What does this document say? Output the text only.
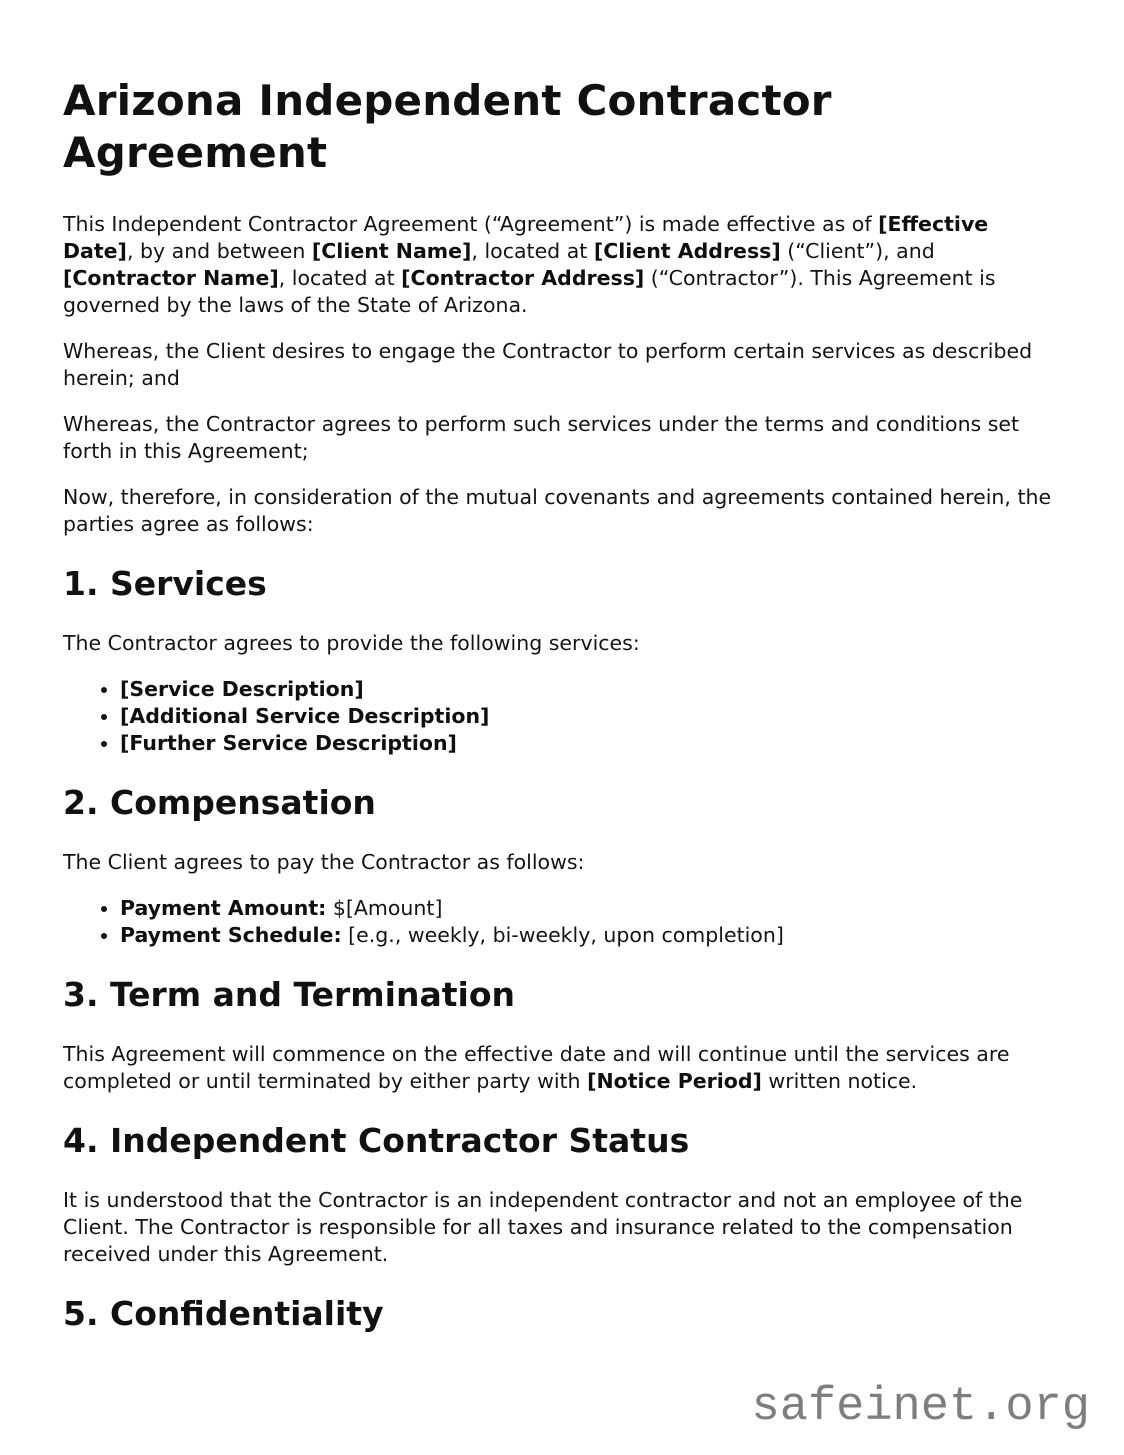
Arizona Independent Contractor Agreement

This Independent Contractor Agreement (“Agreement”) is made effective as of [Effective Date], by and between [Client Name], located at [Client Address] (“Client”), and [Contractor Name], located at [Contractor Address] (“Contractor”). This Agreement is governed by the laws of the State of Arizona.

Whereas, the Client desires to engage the Contractor to perform certain services as described herein; and

Whereas, the Contractor agrees to perform such services under the terms and conditions set forth in this Agreement;

Now, therefore, in consideration of the mutual covenants and agreements contained herein, the parties agree as follows:

1. Services

The Contractor agrees to provide the following services:

• [Service Description]
• [Additional Service Description]
• [Further Service Description]
2. Compensation

The Client agrees to pay the Contractor as follows:

• Payment Amount: $[Amount]
• Payment Schedule: [e.g., weekly, bi-weekly, upon completion]
3. Term and Termination

This Agreement will commence on the effective date and will continue until the services are completed or until terminated by either party with [Notice Period] written notice.

4. Independent Contractor Status

It is understood that the Contractor is an independent contractor and not an employee of the Client. The Contractor is responsible for all taxes and insurance related to the compensation received under this Agreement.

5. Confidentiality
safeinet.org
